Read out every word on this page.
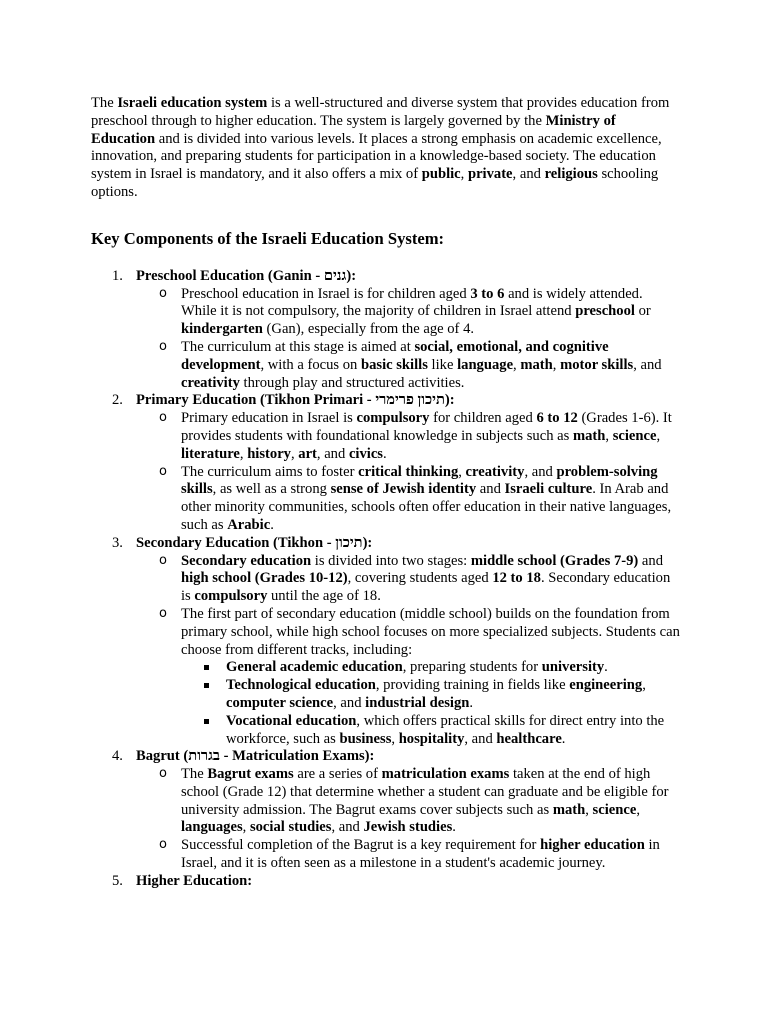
The Israeli education system is a well-structured and diverse system that provides education from preschool through to higher education. The system is largely governed by the Ministry of Education and is divided into various levels. It places a strong emphasis on academic excellence, innovation, and preparing students for participation in a knowledge-based society. The education system in Israel is mandatory, and it also offers a mix of public, private, and religious schooling options.

Key Components of the Israeli Education System:
1. Preschool Education (Ganin - גנים):
o Preschool education in Israel is for children aged 3 to 6 and is widely attended. While it is not compulsory, the majority of children in Israel attend preschool or kindergarten (Gan), especially from the age of 4.
o The curriculum at this stage is aimed at social, emotional, and cognitive development, with a focus on basic skills like language, math, motor skills, and creativity through play and structured activities.
2. Primary Education (Tikhon Primari - תיכון פרימרי):
o Primary education in Israel is compulsory for children aged 6 to 12 (Grades 1-6). It provides students with foundational knowledge in subjects such as math, science, literature, history, art, and civics.
o The curriculum aims to foster critical thinking, creativity, and problem-solving skills, as well as a strong sense of Jewish identity and Israeli culture. In Arab and other minority communities, schools often offer education in their native languages, such as Arabic.
3. Secondary Education (Tikhon - תיכון):
o Secondary education is divided into two stages: middle school (Grades 7-9) and high school (Grades 10-12), covering students aged 12 to 18. Secondary education is compulsory until the age of 18.
o The first part of secondary education (middle school) builds on the foundation from primary school, while high school focuses on more specialized subjects. Students can choose from different tracks, including:
General academic education, preparing students for university.
Technological education, providing training in fields like engineering, computer science, and industrial design.
Vocational education, which offers practical skills for direct entry into the workforce, such as business, hospitality, and healthcare.
4. Bagrut (בגרות - Matriculation Exams):
o The Bagrut exams are a series of matriculation exams taken at the end of high school (Grade 12) that determine whether a student can graduate and be eligible for university admission. The Bagrut exams cover subjects such as math, science, languages, social studies, and Jewish studies.
o Successful completion of the Bagrut is a key requirement for higher education in Israel, and it is often seen as a milestone in a student's academic journey.
5. Higher Education:
